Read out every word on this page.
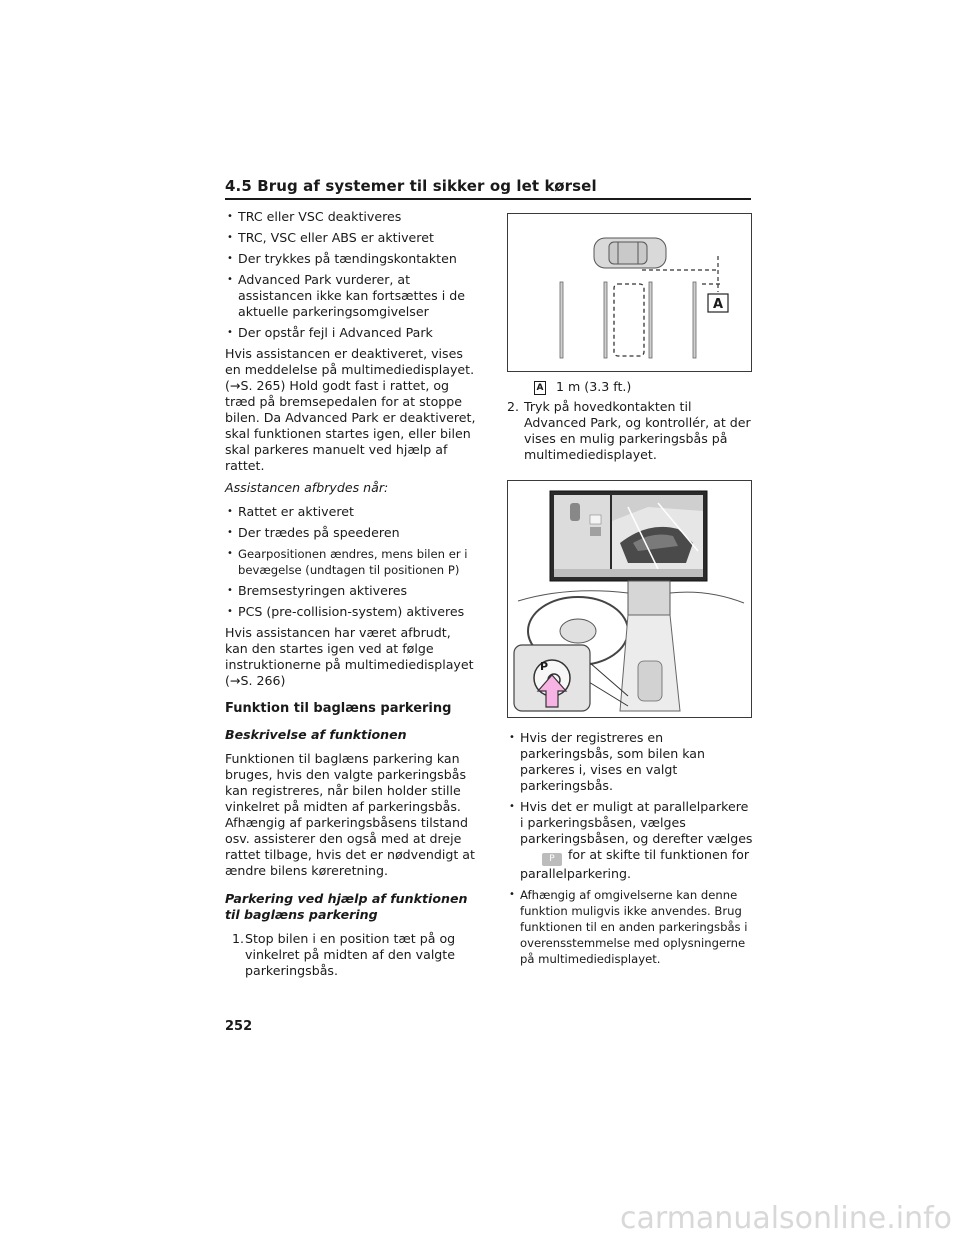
4.5 Brug af systemer til sikker og let kørsel
• TRC eller VSC deaktiveres
• TRC, VSC eller ABS er aktiveret
• Der trykkes på tændingskontakten
• Advanced Park vurderer, at assistancen ikke kan fortsættes i de aktuelle parkeringsomgivelser
• Der opstår fejl i Advanced Park

Hvis assistancen er deaktiveret, vises en meddelelse på multimediedisplayet. (→S. 265) Hold godt fast i rattet, og træd på bremsepedalen for at stoppe bilen. Da Advanced Park er deaktiveret, skal funktionen startes igen, eller bilen skal parkeres manuelt ved hjælp af rattet.

Assistancen afbrydes når:

• Rattet er aktiveret
• Der trædes på speederen
• Gearpositionen ændres, mens bilen er i bevægelse (undtagen til positionen P)
• Bremsestyringen aktiveres
• PCS (pre-collision-system) aktiveres

Hvis assistancen har været afbrudt, kan den startes igen ved at følge instruktionerne på multimediedisplayet (→S. 266)

Funktion til baglæns parkering
Beskrivelse af funktionen

Funktionen til baglæns parkering kan bruges, hvis den valgte parkeringsbås kan registreres, når bilen holder stille vinkelret på midten af parkeringsbås. Afhængig af parkeringsbåsens tilstand osv. assisterer den også med at dreje rattet tilbage, hvis det er nødvendigt at ændre bilens køreretning.

Parkering ved hjælp af funktionen til baglæns parkering
1. Stop bilen i en position tæt på og vinkelret på midten af den valgte parkeringsbås.
A
A 1 m (3.3 ft.)
2. Tryk på hovedkontakten til Advanced Park, og kontrollér, at der vises en mulig parkeringsbås på multimediedisplayet.
P
• Hvis der registreres en parkeringsbås, som bilen kan parkeres i, vises en valgt parkeringsbås.
• Hvis det er muligt at parallelparkere i parkeringsbåsen, vælges parkeringsbåsen, og derefter vælges P for at skifte til funktionen for parallelparkering.
• Afhængig af omgivelserne kan denne funktion muligvis ikke anvendes. Brug funktionen til en anden parkeringsbås i overensstemmelse med oplysningerne på multimediedisplayet.
252
carmanualsonline.info
